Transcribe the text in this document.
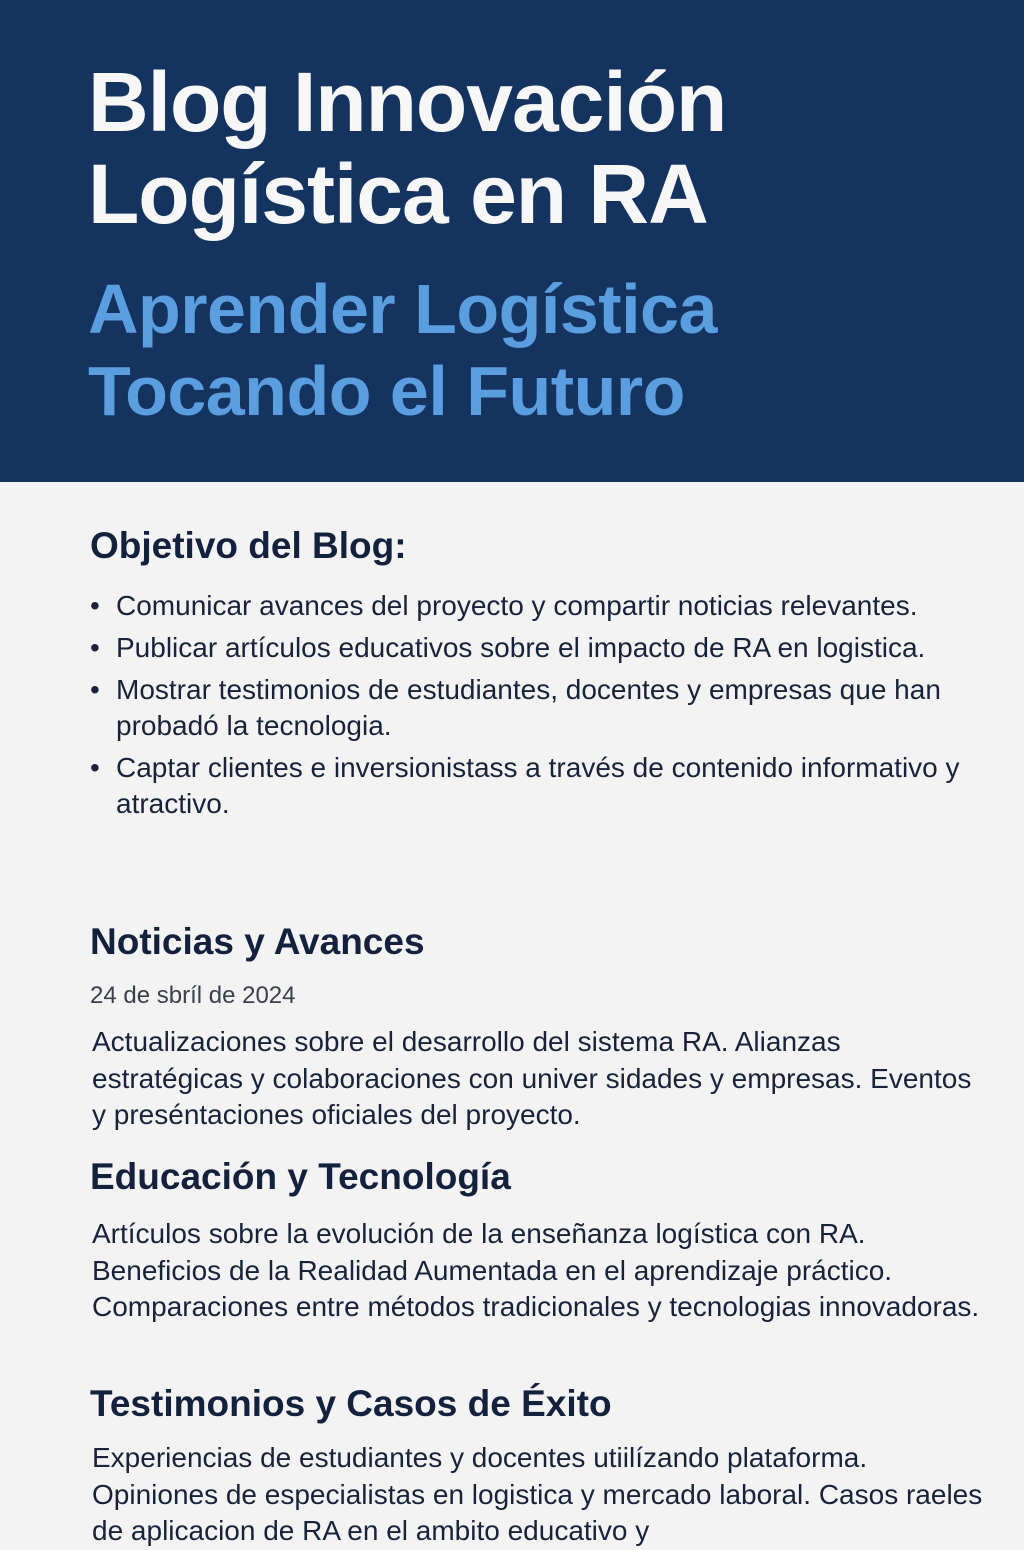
Blog Innovación Logística en RA
Aprender Logística Tocando el Futuro
Objetivo del Blog:
• Comunicar avances del proyecto y compartir noticias relevantes.
• Publicar artículos educativos sobre el impacto de RA en logistica.
• Mostrar testimonios de estudiantes, docentes y empresas que han probadó la tecnologia.
• Captar clientes e inversionistass a través de contenido informativo y atractivo.
Noticias y Avances

24 de sbríl de 2024

Actualizaciones sobre el desarrollo del sistema RA. Alianzas estratégicas y colaboraciones con univer sidades y empresas. Eventos y preséntaciones oficiales del proyecto.

Educación y Tecnología

Artículos sobre la evolución de la enseñanza logística con RA. Beneficios de la Realidad Aumentada en el aprendizaje práctico. Comparaciones entre métodos tradicionales y tecnologias innovadoras.

Testimonios y Casos de Éxito

Experiencias de estudiantes y docentes utiilízando plataforma. Opiniones de especialistas en logistica y mercado laboral. Casos raeles de aplicacion de RA en el ambito educativo y
